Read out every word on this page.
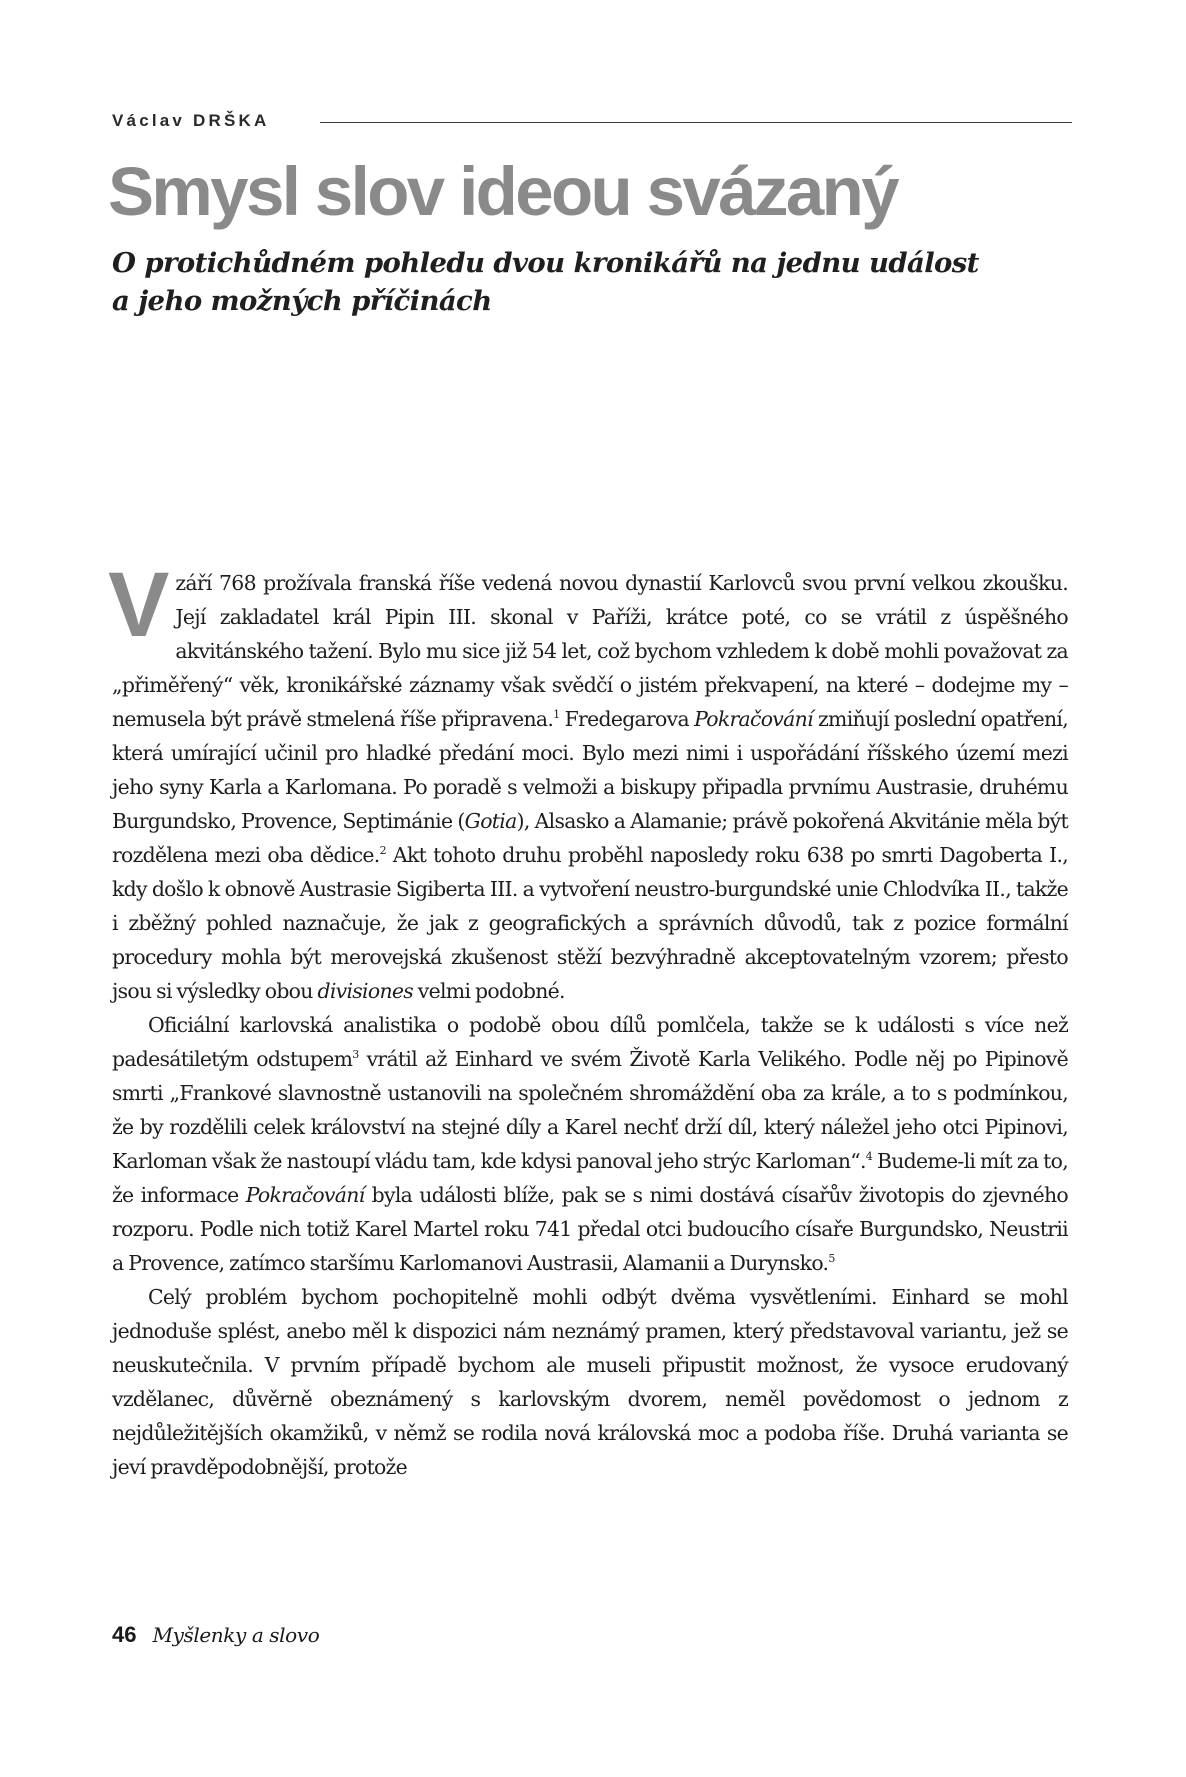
Václav DRŠKA
Smysl slov ideou svázaný
O protichůdném pohledu dvou kronikářů na jednu událost
a jeho možných příčinách

V září 768 prožívala franská říše vedená novou dynastií Karlovců svou první velkou zkoušku. Její zakladatel král Pipin III. skonal v Paříži, krátce poté, co se vrátil z úspěšného akvitánského tažení. Bylo mu sice již 54 let, což bychom vzhledem k době mohli považovat za „přiměřený“ věk, kronikářské záznamy však svědčí o jistém překvapení, na které – dodejme my – nemusela být právě stmelená říše připravena.$^1$ Fredegarova Pokračování zmiňují poslední opatření, která umírající učinil pro hladké předání moci. Bylo mezi nimi i uspořádání říšského území mezi jeho syny Karla a Karlomana. Po poradě s velmoži a biskupy připadla prvnímu Austrasie, druhému Burgundsko, Provence, Septimánie (Gotia), Alsasko a Alamanie; právě pokořená Akvitánie měla být rozdělena mezi oba dědice.$^2$ Akt tohoto druhu proběhl naposledy roku 638 po smrti Dagoberta I., kdy došlo k obnově Austrasie Sigiberta III. a vytvoření neustro-burgundské unie Chlodvíka II., takže i zběžný pohled naznačuje, že jak z geografických a správních důvodů, tak z pozice formální procedury mohla být merovejská zkušenost stěží bezvýhradně akceptovatelným vzorem; přesto jsou si výsledky obou divisiones velmi podobné.

Oficiální karlovská analistika o podobě obou dílů pomlčela, takže se k události s více než padesátiletým odstupem$^3$ vrátil až Einhard ve svém Životě Karla Velikého. Podle něj po Pipinově smrti „Frankové slavnostně ustanovili na společném shromáždění oba za krále, a to s podmínkou, že by rozdělili celek království na stejné díly a Karel nechť drží díl, který náležel jeho otci Pipinovi, Karloman však že nastoupí vládu tam, kde kdysi panoval jeho strýc Karloman“.$^4$ Budeme-li mít za to, že informace Pokračování byla události blíže, pak se s nimi dostává císařův životopis do zjevného rozporu. Podle nich totiž Karel Martel roku 741 předal otci budoucího císaře Burgundsko, Neustrii a Provence, zatímco staršímu Karlomanovi Austrasii, Alamanii a Durynsko.$^5$

Celý problém bychom pochopitelně mohli odbýt dvěma vysvětleními. Einhard se mohl jednoduše splést, anebo měl k dispozici nám neznámý pramen, který představoval variantu, jež se neuskutečnila. V prvním případě bychom ale museli připustit možnost, že vysoce erudovaný vzdělanec, důvěrně obeznámený s karlovským dvorem, neměl povědomost o jednom z nejdůležitějších okamžiků, v němž se rodila nová královská moc a podoba říše. Druhá varianta se jeví pravděpodobnější, protože

46 Myšlenky a slovo
